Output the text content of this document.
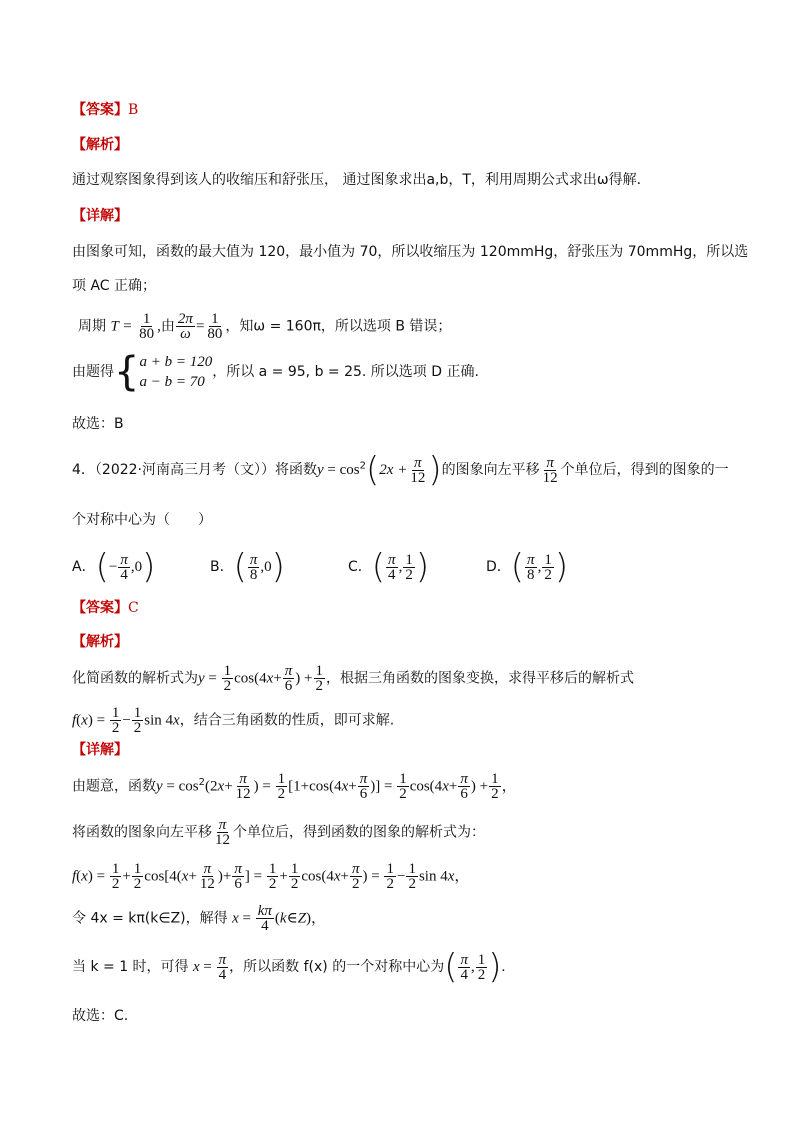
【答案】B
【解析】
通过观察图象得到该人的收缩压和舒张压， 通过图象求出a,b，T，利用周期公式求出ω得解．
【详解】
由图象可知，函数的最大值为 120，最小值为 70，所以收缩压为 120mmHg，舒张压为 70mmHg，所以选
项 AC 正确；
周期 $T = \frac{1}{80}$ ,由 $\frac{2\pi}{\omega} = \frac{1}{80}$ ，知ω = 160π，所以选项 B 错误；
由题得{ a + b = 120
a − b = 70
，所以 a = 95, b = 25. 所以选项 D 正确.
故选：B
4．（2022·河南高三月考（文））将函数$y = \cos^2(2x + \frac{\pi}{12}$ )的图象向左平移 $\frac{\pi}{12}$ 个单位后，得到的图象的一
个对称中心为（　　）
A．(− $\frac{\pi}{4} ,0$)	B．( $\frac{\pi}{8} ,0$)	C．( $\frac{\pi}{4}$ , $\frac{1}{2}$ )	D．( $\frac{\pi}{8}$ , $\frac{1}{2}$ )
【答案】C
【解析】
化简函数的解析式为$y = \frac{1}{2} \cos(4x+ \frac{\pi}{6}$ ) + $\frac{1}{2}$ ，根据三角函数的图象变换，求得平移后的解析式
$f(x) = \frac{1}{2} - \frac{1}{2}$ sin 4x，结合三角函数的性质，即可求解.
【详解】
由题意，函数$y = \cos^2(2x+ \frac{\pi}{12}$ ) = $\frac{1}{2} [1+\cos(4x+ \frac{\pi}{6}$ )] = $\frac{1}{2} \cos(4x+ \frac{\pi}{6}$ ) + $\frac{1}{2}$ ，
将函数的图象向左平移 $\frac{\pi}{12}$ 个单位后，得到函数的图象的解析式为：
$f(x) = \frac{1}{2} + \frac{1}{2} \cos[4(x+ \frac{\pi}{12}$ )+ $\frac{\pi}{6}$ ] = $\frac{1}{2} + \frac{1}{2} \cos(4x+ \frac{\pi}{2}$ ) = $\frac{1}{2} - \frac{1}{2}$ sin 4x，
令 4x = kπ(k∈Z)，解得 $x = \frac{k\pi}{4}$ (k∈Z)，
当 k = 1 时，可得 $x = \frac{\pi}{4}$ ，所以函数 f(x) 的一个对称中心为( $\frac{\pi}{4}$ , $\frac{1}{2}$ ).
故选：C.
